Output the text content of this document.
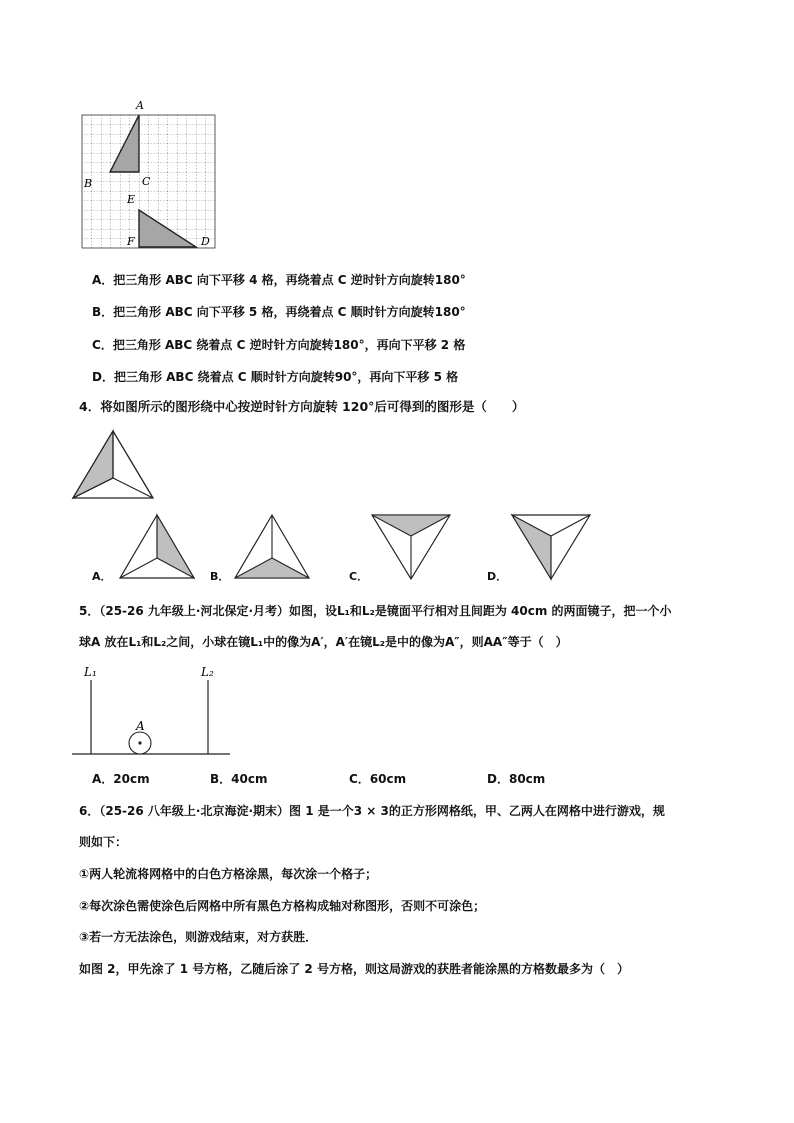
A
B	C
E
F	D
A．把三角形 ABC 向下平移 4 格，再绕着点 C 逆时针方向旋转180°
B．把三角形 ABC 向下平移 5 格，再绕着点 C 顺时针方向旋转180°
C．把三角形 ABC 绕着点 C 逆时针方向旋转180°，再向下平移 2 格
D．把三角形 ABC 绕着点 C 顺时针方向旋转90°，再向下平移 5 格
4．将如图所示的图形绕中心按逆时针方向旋转 120°后可得到的图形是（　　）
A．	B．	C．	D．
5．（25-26 九年级上·河北保定·月考）如图，设L₁和L₂是镜面平行相对且间距为 40cm 的两面镜子，把一个小
球A 放在L₁和L₂之间，小球在镜L₁中的像为A′，A′在镜L₂是中的像为A″，则AA″等于（　）
L₁	L₂
A
A．20cm	B．40cm	C．60cm	D．80cm
6．（25-26 八年级上·北京海淀·期末）图 1 是一个3 × 3的正方形网格纸，甲、乙两人在网格中进行游戏，规
则如下：
①两人轮流将网格中的白色方格涂黑，每次涂一个格子；
②每次涂色需使涂色后网格中所有黑色方格构成轴对称图形，否则不可涂色；
③若一方无法涂色，则游戏结束，对方获胜．
如图 2，甲先涂了 1 号方格，乙随后涂了 2 号方格，则这局游戏的获胜者能涂黑的方格数最多为（　）
